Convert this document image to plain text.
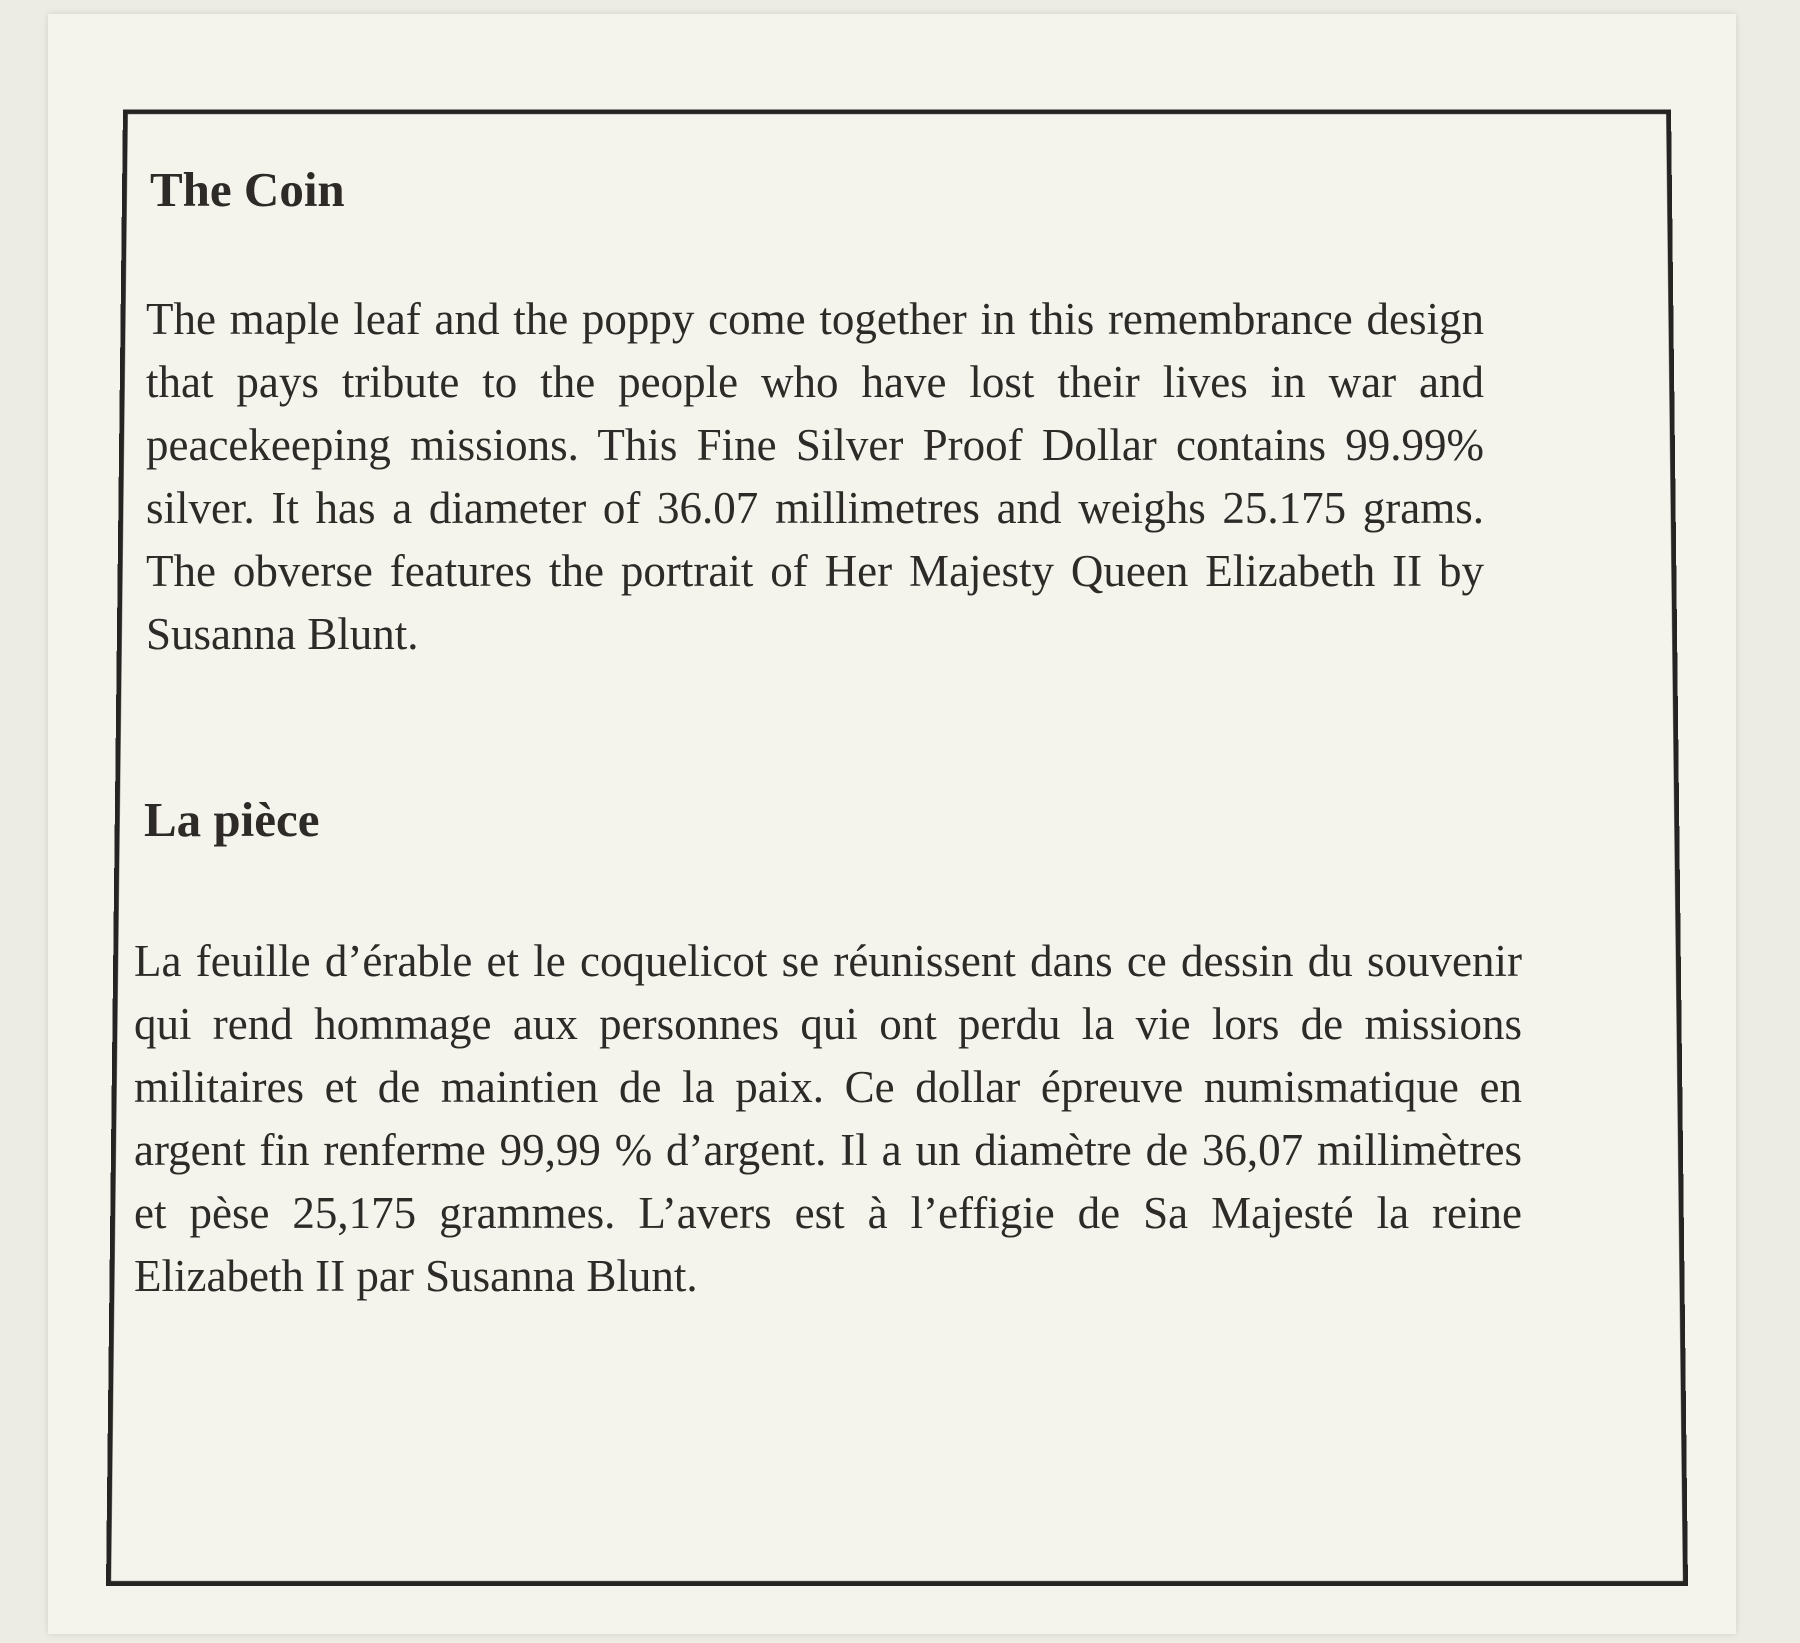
The Coin

The maple leaf and the poppy come together in this remembrance design that pays tribute to the people who have lost their lives in war and peacekeeping missions. This Fine Silver Proof Dollar contains 99.99% silver. It has a diameter of 36.07 millimetres and weighs 25.175 grams. The obverse features the portrait of Her Majesty Queen Elizabeth II by Susanna Blunt.

La pièce

La feuille d’érable et le coquelicot se réunissent dans ce dessin du souvenir qui rend hommage aux personnes qui ont perdu la vie lors de missions militaires et de maintien de la paix. Ce dollar épreuve numismatique en argent fin renferme 99,99 % d’argent. Il a un diamètre de 36,07 millimètres et pèse 25,175 grammes. L’avers est à l’effigie de Sa Majesté la reine Elizabeth II par Susanna Blunt.
